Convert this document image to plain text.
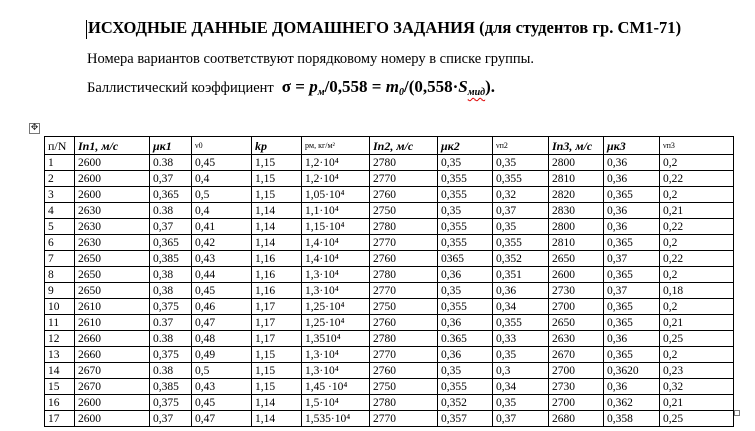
ИСХОДНЫЕ ДАННЫЕ ДОМАШНЕГО ЗАДАНИЯ (для студентов гр. СМ1-71)
Номера вариантов соответствуют порядковому номеру в списке группы.
Баллистический коэффициент $\sigma = p_м/0,558 = m_0/(0,558\cdot S_{мид})$.
✥
п/N	Iп1, м/с	μк1	ν0	kр	pм, кг/м²	Iп2, м/с	μк2	νп2	Iп3, м/с	μк3	νп3
1	2600	0.38	0,45	1,15	1,2·10⁴	2780	0,35	0,35	2800	0,36	0,2
2	2600	0,37	0,4	1,15	1,2·10⁴	2770	0,355	0,355	2810	0,36	0,22
3	2600	0,365	0,5	1,15	1,05·10⁴	2760	0,355	0,32	2820	0,365	0,2
4	2630	0.38	0,4	1,14	1,1·10⁴	2750	0,35	0,37	2830	0,36	0,21
5	2630	0,37	0,41	1,14	1,15·10⁴	2780	0,355	0,35	2800	0,36	0,22
6	2630	0,365	0,42	1,14	1,4·10⁴	2770	0,355	0,355	2810	0,365	0,2
7	2650	0,385	0,43	1,16	1,4·10⁴	2760	0365	0,352	2650	0,37	0,22
8	2650	0,38	0,44	1,16	1,3·10⁴	2780	0,36	0,351	2600	0,365	0,2
9	2650	0,38	0,45	1,16	1,3·10⁴	2770	0,35	0,36	2730	0,37	0,18
10	2610	0,375	0,46	1,17	1,25·10⁴	2750	0,355	0,34	2700	0,365	0,2
11	2610	0.37	0,47	1,17	1,25·10⁴	2760	0,36	0,355	2650	0,365	0,21
12	2660	0.38	0,48	1,17	1,3510⁴	2780	0.365	0,33	2630	0,36	0,25
13	2660	0,375	0,49	1,15	1,3·10⁴	2770	0,36	0,35	2670	0,365	0,2
14	2670	0.38	0,5	1,15	1,3·10⁴	2760	0,35	0,3	2700	0,3620	0,23
15	2670	0,385	0,43	1,15	1,45 ·10⁴	2750	0,355	0,34	2730	0,36	0,32
16	2600	0,375	0,45	1,14	1,5·10⁴	2780	0,352	0,35	2700	0,362	0,21
17	2600	0,37	0,47	1,14	1,535·10⁴	2770	0,357	0,37	2680	0,358	0,25
